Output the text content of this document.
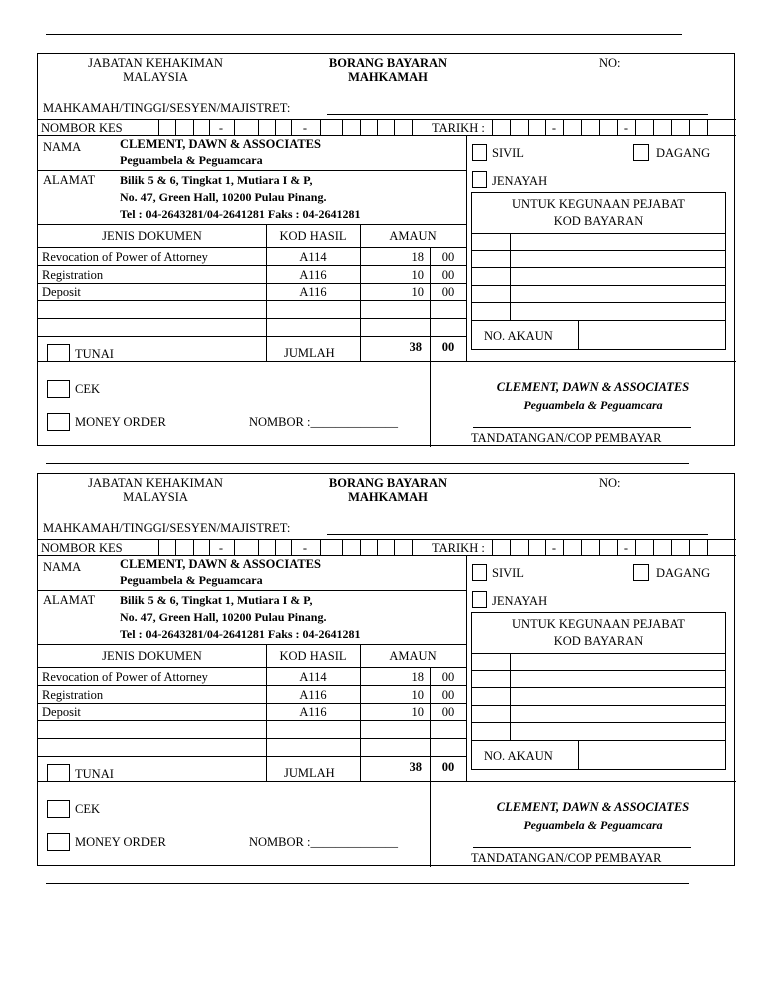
JABATAN KEHAKIMAN
MALAYSIA
BORANG BAYARAN
MAHKAMAH
NO:
MAHKAMAH/TINGGI/SESYEN/MAJISTRET:
NOMBOR KES	-	-	TARIKH :	-	-
NAMA	CLEMENT, DAWN & ASSOCIATES
Peguambela & Peguamcara
ALAMAT Bilik 5 & 6, Tingkat 1, Mutiara I & P,
No. 47, Green Hall, 10200 Pulau Pinang.
Tel : 04-2643281/04-2641281 Faks : 04-2641281
JENIS DOKUMEN	KOD HASIL	AMAUN
Revocation of Power of Attorney	A114	18	00
Registration	A116	10	00
Deposit	A116	10	00
TUNAI	JUMLAH	38	00
SIVIL	DAGANG
JENAYAH
UNTUK KEGUNAAN PEJABAT
KOD BAYARAN
NO. AKAUN
CEK
MONEY ORDER	NOMBOR :______________
CLEMENT, DAWN & ASSOCIATES
Peguambela & Peguamcara
TANDATANGAN/COP PEMBAYAR
JABATAN KEHAKIMAN
MALAYSIA
BORANG BAYARAN
MAHKAMAH
NO:
MAHKAMAH/TINGGI/SESYEN/MAJISTRET:
NOMBOR KES	-	-	TARIKH :	-	-
NAMA	CLEMENT, DAWN & ASSOCIATES
Peguambela & Peguamcara
ALAMAT Bilik 5 & 6, Tingkat 1, Mutiara I & P,
No. 47, Green Hall, 10200 Pulau Pinang.
Tel : 04-2643281/04-2641281 Faks : 04-2641281
JENIS DOKUMEN	KOD HASIL	AMAUN
Revocation of Power of Attorney	A114	18	00
Registration	A116	10	00
Deposit	A116	10	00
TUNAI	JUMLAH	38	00
SIVIL	DAGANG
JENAYAH
UNTUK KEGUNAAN PEJABAT
KOD BAYARAN
NO. AKAUN
CEK
MONEY ORDER	NOMBOR :______________
CLEMENT, DAWN & ASSOCIATES
Peguambela & Peguamcara
TANDATANGAN/COP PEMBAYAR
